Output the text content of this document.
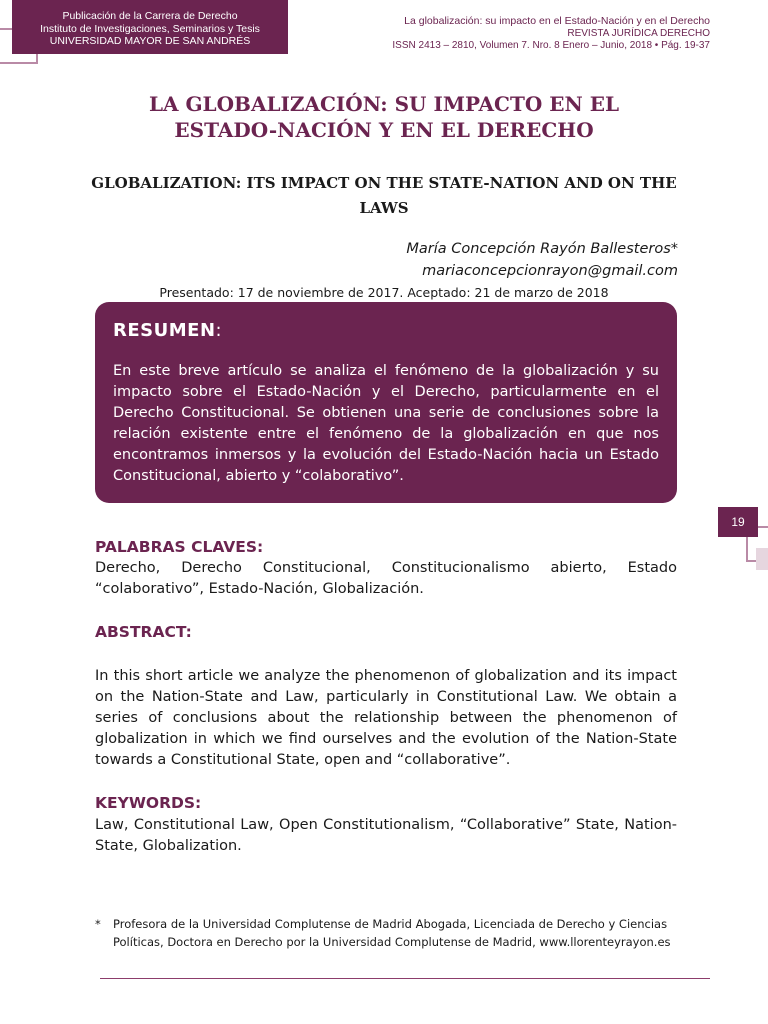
Publicación de la Carrera de Derecho
Instituto de Investigaciones, Seminarios y Tesis
UNIVERSIDAD MAYOR DE SAN ANDRÉS
La globalización: su impacto en el Estado-Nación y en el Derecho
REVISTA JURÍDICA DERECHO
ISSN 2413 – 2810, Volumen 7. Nro. 8 Enero – Junio, 2018 • Pág. 19-37
LA GLOBALIZACIÓN: SU IMPACTO EN EL ESTADO-NACIÓN Y EN EL DERECHO
GLOBALIZATION: ITS IMPACT ON THE STATE-NATION AND ON THE LAWS
María Concepción Rayón Ballesteros*
mariaconcepcionrayon@gmail.com
Presentado: 17 de noviembre de 2017. Aceptado: 21 de marzo de 2018
RESUMEN:
En este breve artículo se analiza el fenómeno de la globalización y su impacto sobre el Estado-Nación y el Derecho, particularmente en el Derecho Constitucional. Se obtienen una serie de conclusiones sobre la relación existente entre el fenómeno de la globalización en que nos encontramos inmersos y la evolución del Estado-Nación hacia un Estado Constitucional, abierto y “colaborativo”.
19
PALABRAS CLAVES:
Derecho, Derecho Constitucional, Constitucionalismo abierto, Estado “colaborativo”, Estado-Nación, Globalización.
ABSTRACT:
In this short article we analyze the phenomenon of globalization and its impact on the Nation-State and Law, particularly in Constitutional Law. We obtain a series of conclusions about the relationship between the phenomenon of globalization in which we find ourselves and the evolution of the Nation-State towards a Constitutional State, open and “collaborative”.
KEYWORDS:
Law, Constitutional Law, Open Constitutionalism, “Collaborative” State, Nation-State, Globalization.
* Profesora de la Universidad Complutense de Madrid Abogada, Licenciada de Derecho y Ciencias Políticas, Doctora en Derecho por la Universidad Complutense de Madrid, www.llorenteyrayon.es
